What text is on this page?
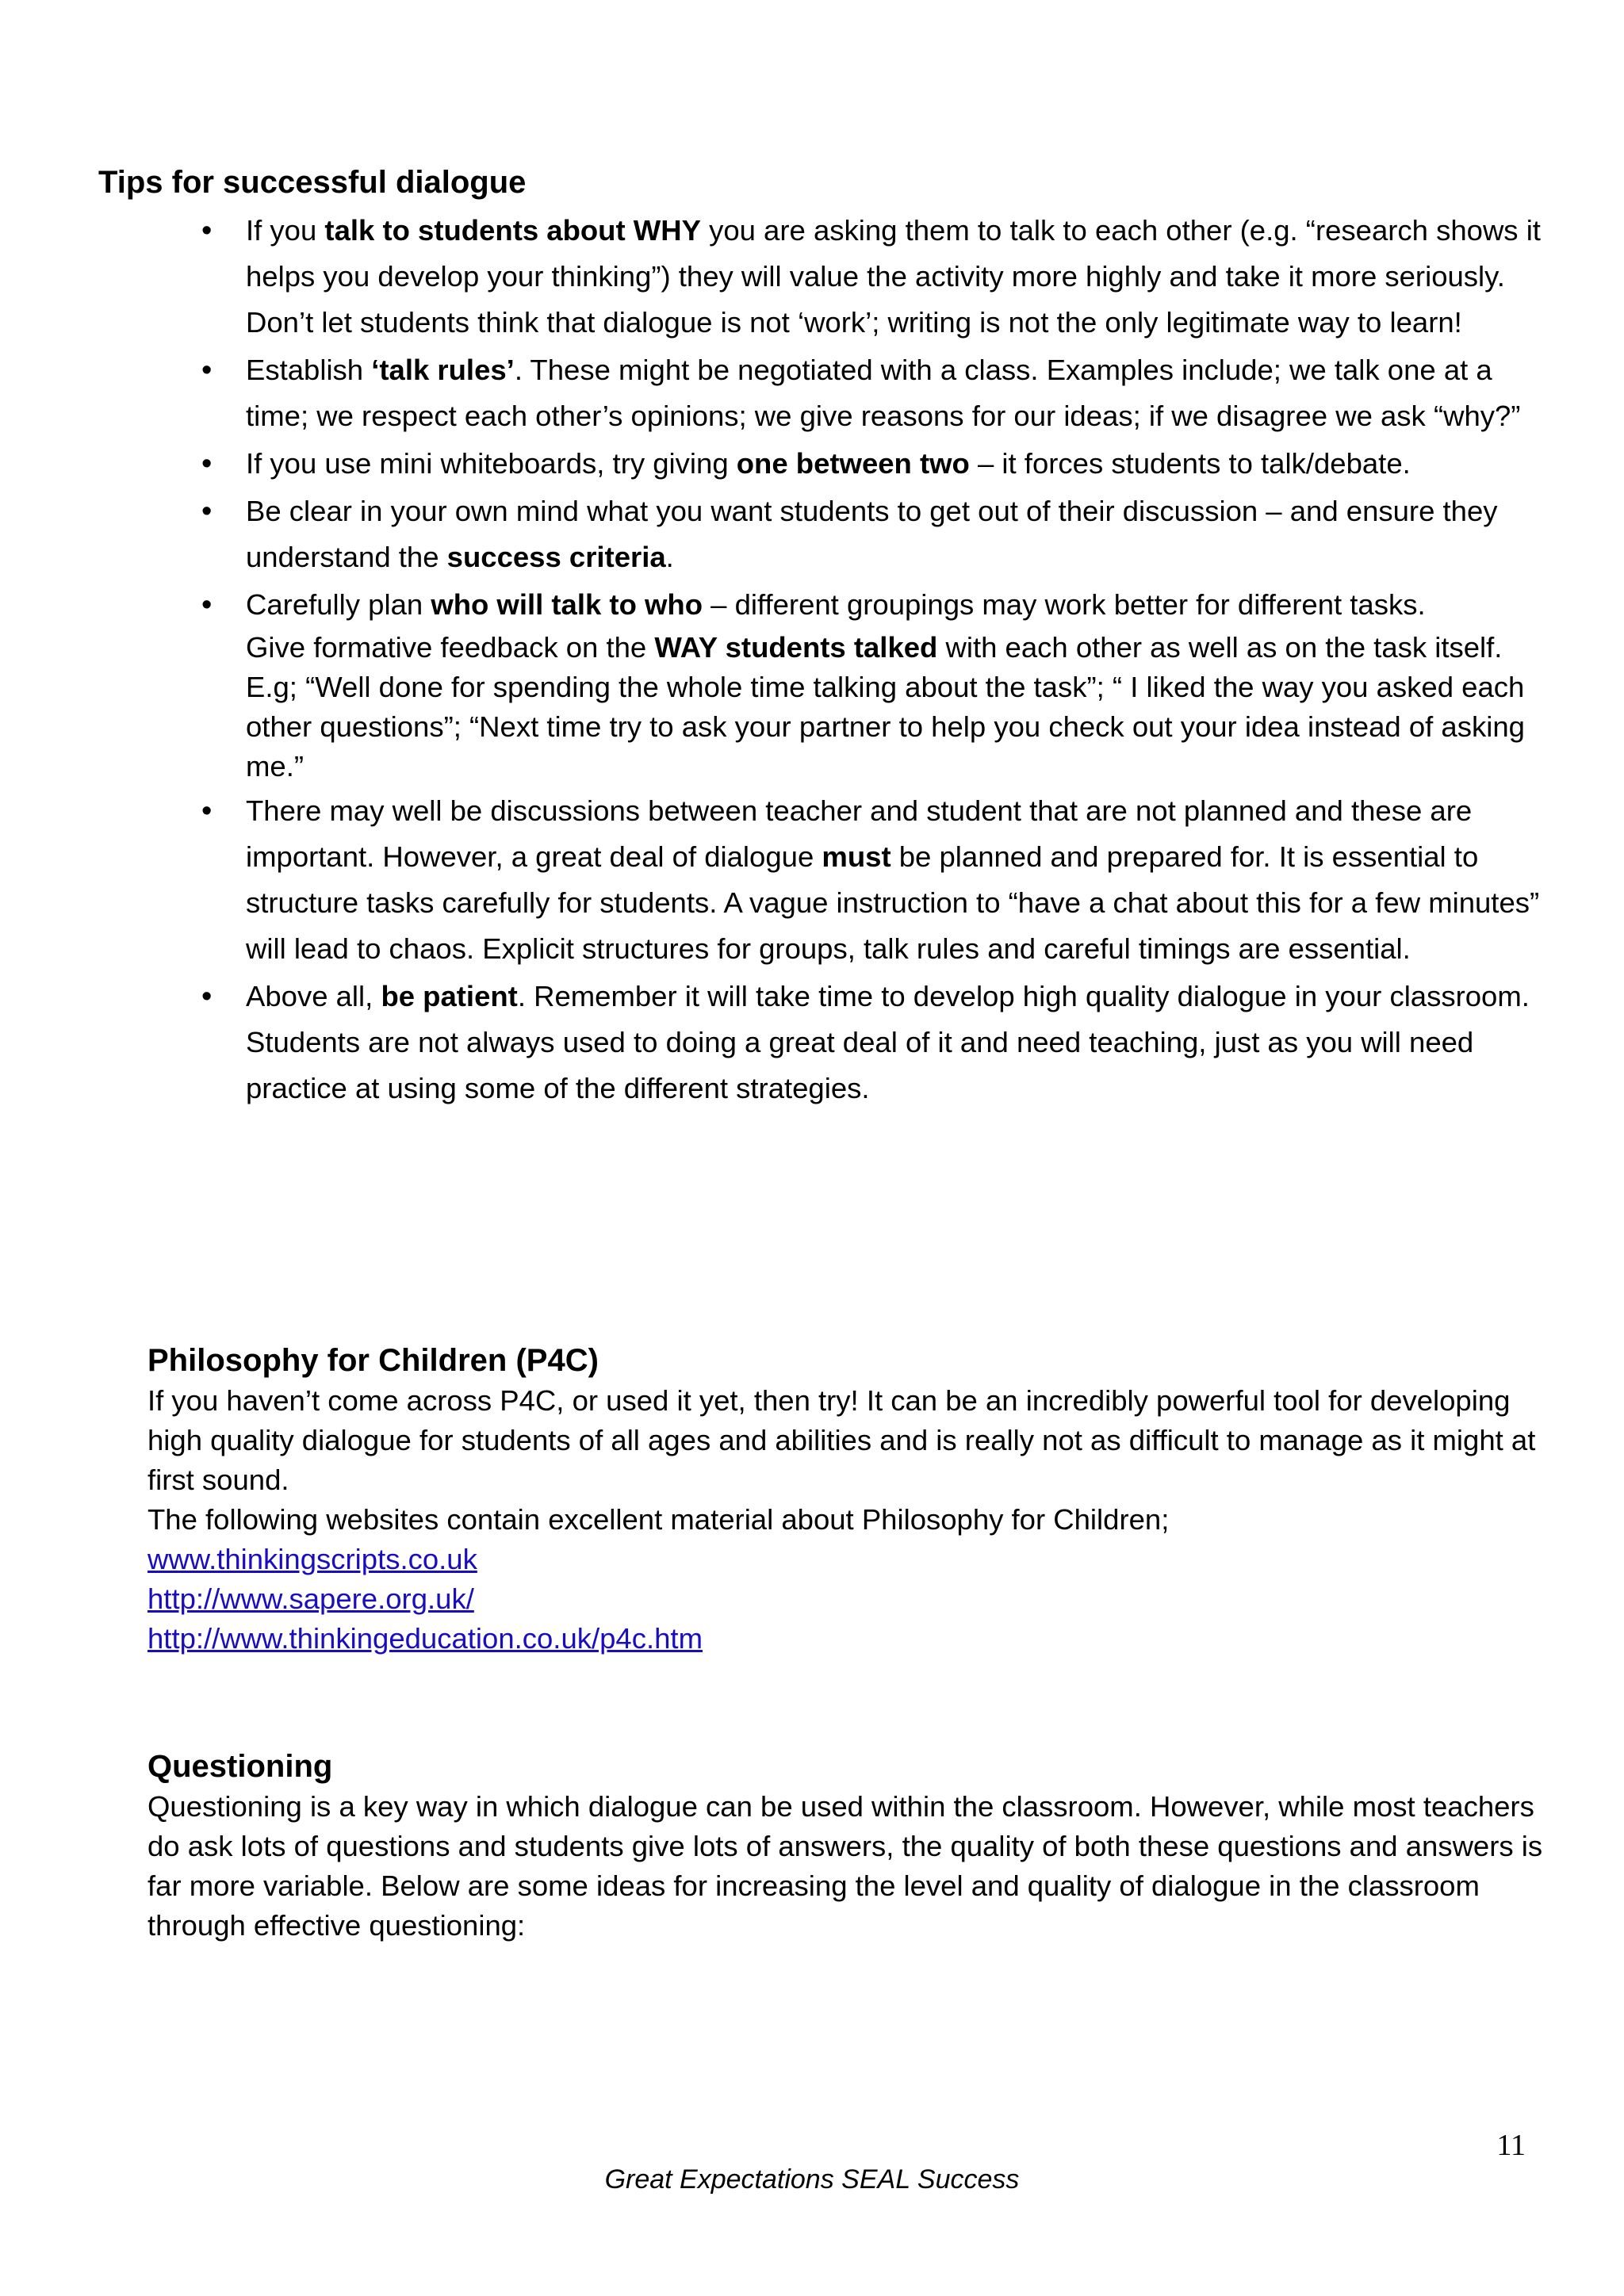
Tips for successful dialogue
• If you talk to students about WHY you are asking them to talk to each other (e.g. “research shows it helps you develop your thinking”) they will value the activity more highly and take it more seriously. Don’t let students think that dialogue is not ‘work’; writing is not the only legitimate way to learn!
• Establish ‘talk rules’. These might be negotiated with a class. Examples include; we talk one at a time; we respect each other’s opinions; we give reasons for our ideas; if we disagree we ask “why?”
• If you use mini whiteboards, try giving one between two – it forces students to talk/debate.
• Be clear in your own mind what you want students to get out of their discussion – and ensure they understand the success criteria.
• Carefully plan who will talk to who – different groupings may work better for different tasks.
Give formative feedback on the WAY students talked with each other as well as on the task itself. E.g; “Well done for spending the whole time talking about the task”; “ I liked the way you asked each other questions”; “Next time try to ask your partner to help you check out your idea instead of asking me.”
• There may well be discussions between teacher and student that are not planned and these are important. However, a great deal of dialogue must be planned and prepared for. It is essential to structure tasks carefully for students. A vague instruction to “have a chat about this for a few minutes” will lead to chaos. Explicit structures for groups, talk rules and careful timings are essential.
• Above all, be patient. Remember it will take time to develop high quality dialogue in your classroom. Students are not always used to doing a great deal of it and need teaching, just as you will need practice at using some of the different strategies.
Philosophy for Children (P4C)

If you haven’t come across P4C, or used it yet, then try! It can be an incredibly powerful tool for developing high quality dialogue for students of all ages and abilities and is really not as difficult to manage as it might at first sound.

The following websites contain excellent material about Philosophy for Children;

www.thinkingscripts.co.uk
http://www.sapere.org.uk/
http://www.thinkingeducation.co.uk/p4c.htm
Questioning

Questioning is a key way in which dialogue can be used within the classroom. However, while most teachers do ask lots of questions and students give lots of answers, the quality of both these questions and answers is far more variable. Below are some ideas for increasing the level and quality of dialogue in the classroom through effective questioning:

11
Great Expectations SEAL Success
